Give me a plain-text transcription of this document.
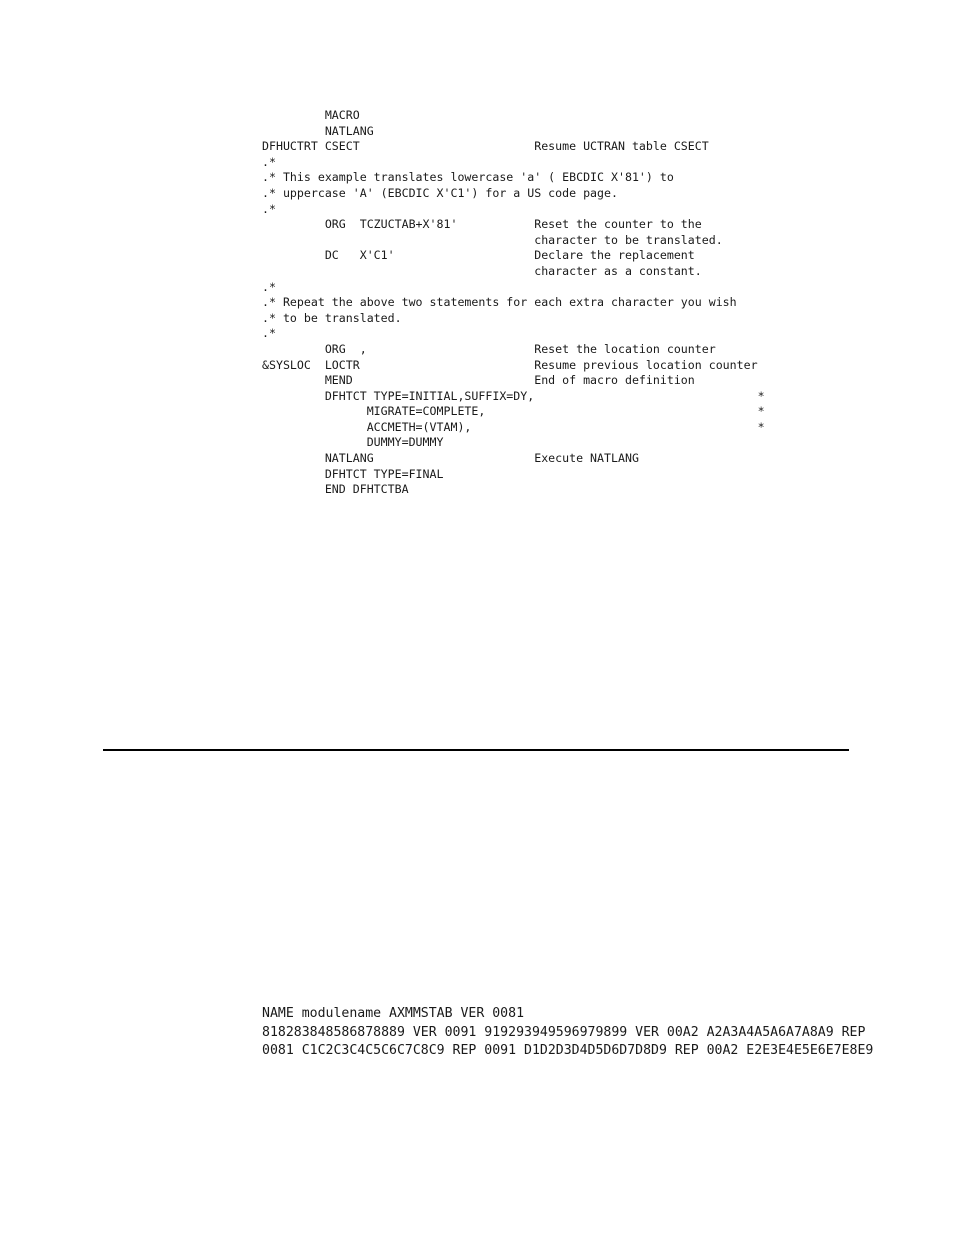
MACRO
NATLANG
DFHUCTRT CSECT                         Resume UCTRAN table CSECT
.*
.* This example translates lowercase 'a' ( EBCDIC X'81') to
.* uppercase 'A' (EBCDIC X'C1') for a US code page.
.*
ORG  TCZUCTAB+X'81'           Reset the counter to the
character to be translated.
DC   X'C1'                    Declare the replacement
character as a constant.
.*
.* Repeat the above two statements for each extra character you wish
.* to be translated.
.*
ORG  ,                        Reset the location counter
&SYSLOC  LOCTR                         Resume previous location counter
MEND                          End of macro definition
DFHTCT TYPE=INITIAL,SUFFIX=DY,                                *
MIGRATE=COMPLETE,                                       *
ACCMETH=(VTAM),                                         *
DUMMY=DUMMY
NATLANG                       Execute NATLANG
DFHTCT TYPE=FINAL
END DFHTCTBA
NAME modulename AXMMSTAB VER 0081
818283848586878889 VER 0091 919293949596979899 VER 00A2 A2A3A4A5A6A7A8A9 REP
0081 C1C2C3C4C5C6C7C8C9 REP 0091 D1D2D3D4D5D6D7D8D9 REP 00A2 E2E3E4E5E6E7E8E9
